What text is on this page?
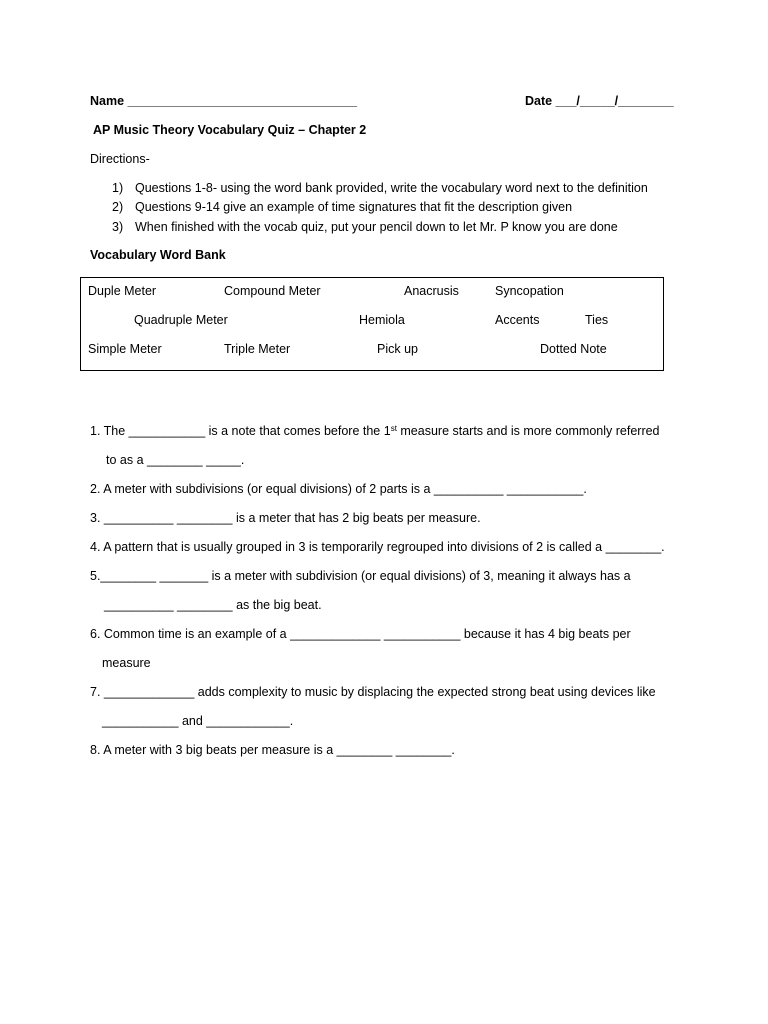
Name _________________________________	Date ___/_____/________
AP Music Theory Vocabulary Quiz – Chapter 2
Directions-
1) Questions 1-8- using the word bank provided, write the vocabulary word next to the definition
2) Questions 9-14 give an example of time signatures that fit the description given
3) When finished with the vocab quiz, put your pencil down to let Mr. P know you are done
Vocabulary Word Bank
Duple Meter	Compound Meter	Anacrusis	Syncopation
Quadruple Meter	Hemiola	Accents	Ties
Simple Meter	Triple Meter	Pick up	Dotted Note
1. The ___________ is a note that comes before the 1st measure starts and is more commonly referred
to as a ________ _____.
2. A meter with subdivisions (or equal divisions) of 2 parts is a __________ ___________.
3. __________ ________ is a meter that has 2 big beats per measure.
4. A pattern that is usually grouped in 3 is temporarily regrouped into divisions of 2 is called a ________.
5.________ _______ is a meter with subdivision (or equal divisions) of 3, meaning it always has a
__________ ________ as the big beat.
6. Common time is an example of a _____________ ___________ because it has 4 big beats per
measure
7. _____________ adds complexity to music by displacing the expected strong beat using devices like
___________ and ____________.
8. A meter with 3 big beats per measure is a ________ ________.
